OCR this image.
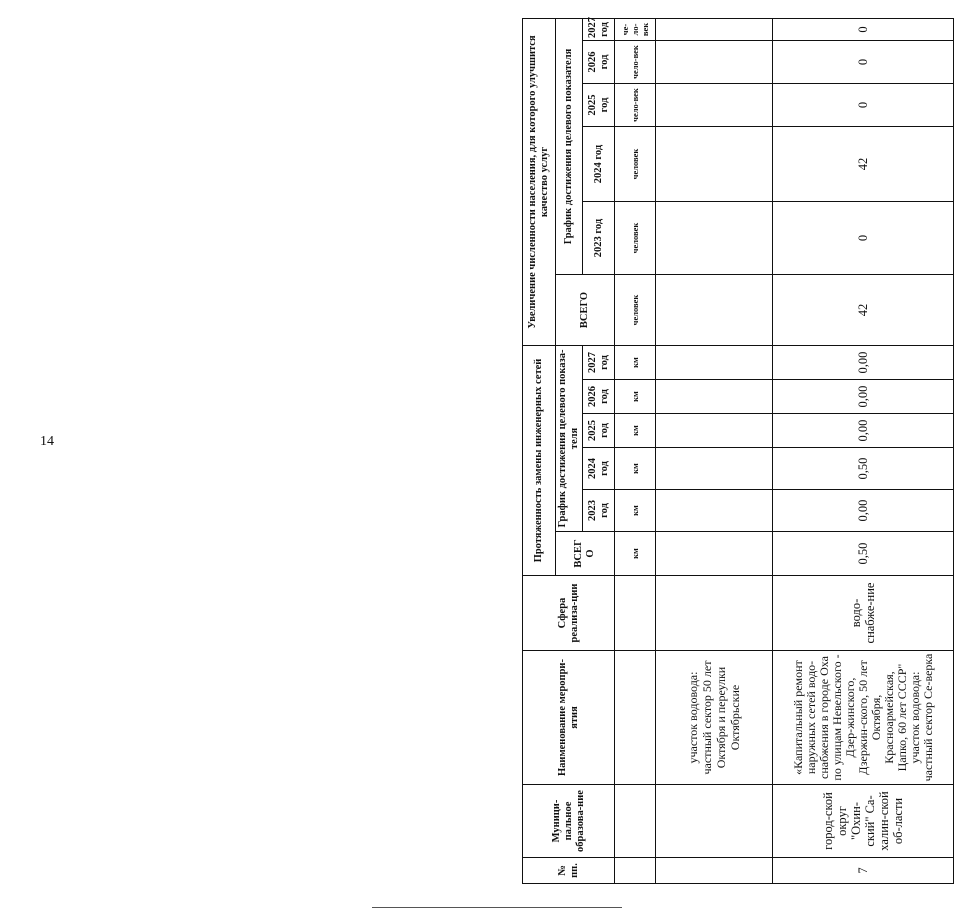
14
№ пп.	Муници-пальное образова-ние	Наименование меропри-ятия	Сфера реализа-ции	Протяженность замены инженерных сетей						Увеличение численности населения, для которого улучшится качество услуг					
				ВСЕГ О	График достижения целевого показа-теля					ВСЕГО	График достижения целевого показателя				
					2023 год	2024 год	2025 год	2026 год	2027 год		2023 год	2024 год	2025 год	2026 год	2027 год
				км	км	км	км	км	км	человек	человек	человек	чело-век	чело-век	че-ло-век
		участок водовода: частный сектор 50 лет Октября и переулки Октябрьские													
7	город-ской округ "Охин-ский" Са-халин-ской об-ласти	«Капитальный ремонт наружных сетей водо-снабжения в городе Оха по улицам Невельского - Дзер-жинского, Дзержин-ского, 50 лет Октября, Красноармейская, Цапко, 60 лет СССР" участок водовода: частный сектор Се-верка	водо-снабже-ние	0,50	0,00	0,50	0,00	0,00	0,00	42	0	42	0	0	0
